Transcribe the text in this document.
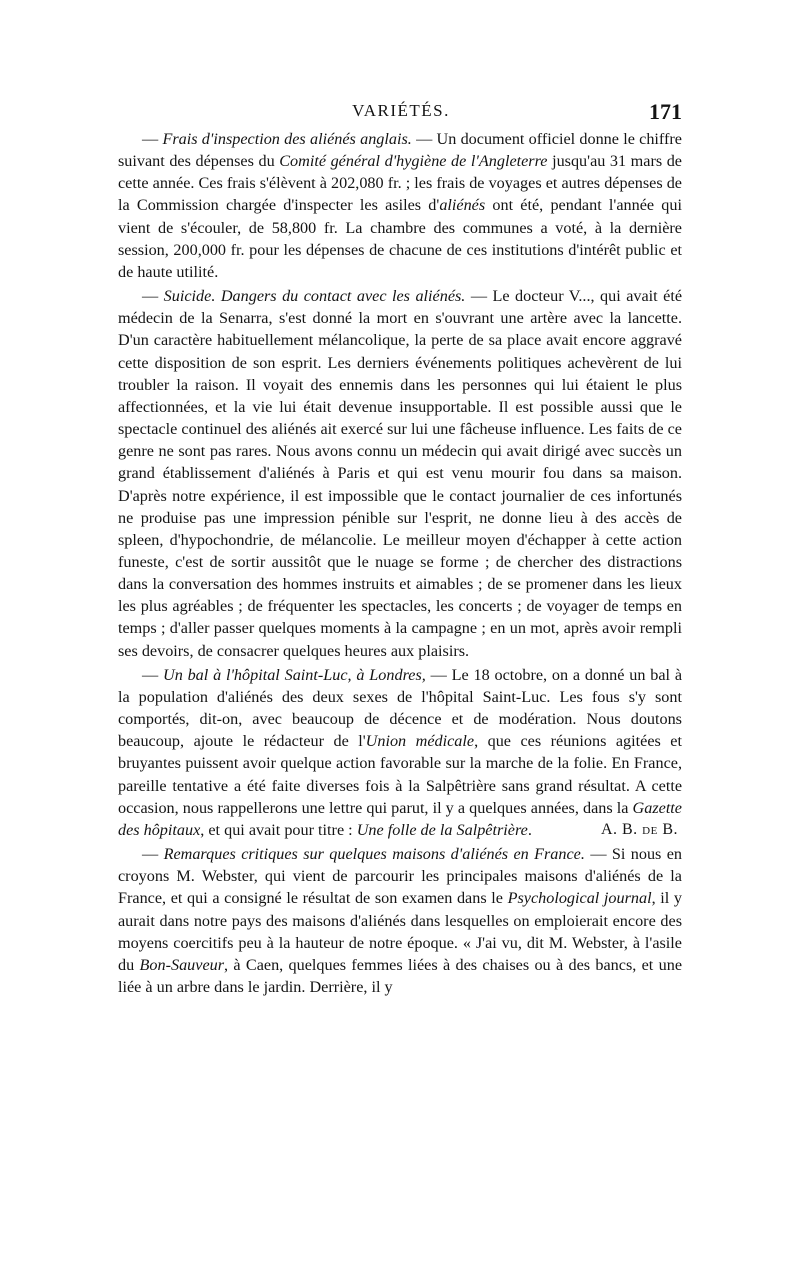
VARIÉTÉS.	171

— Frais d'inspection des aliénés anglais. — Un document officiel donne le chiffre suivant des dépenses du Comité général d'hygiène de l'Angleterre jusqu'au 31 mars de cette année. Ces frais s'élèvent à 202,080 fr. ; les frais de voyages et autres dépenses de la Commission chargée d'inspecter les asiles d'aliénés ont été, pendant l'année qui vient de s'écouler, de 58,800 fr. La chambre des communes a voté, à la dernière session, 200,000 fr. pour les dépenses de chacune de ces institutions d'intérêt public et de haute utilité.

— Suicide. Dangers du contact avec les aliénés. — Le docteur V..., qui avait été médecin de la Senarra, s'est donné la mort en s'ouvrant une artère avec la lancette. D'un caractère habituellement mélancolique, la perte de sa place avait encore aggravé cette disposition de son esprit. Les derniers événements politiques achevèrent de lui troubler la raison. Il voyait des ennemis dans les personnes qui lui étaient le plus affectionnées, et la vie lui était devenue insupportable. Il est possible aussi que le spectacle continuel des aliénés ait exercé sur lui une fâcheuse influence. Les faits de ce genre ne sont pas rares. Nous avons connu un médecin qui avait dirigé avec succès un grand établissement d'aliénés à Paris et qui est venu mourir fou dans sa maison. D'après notre expérience, il est impossible que le contact journalier de ces infortunés ne produise pas une impression pénible sur l'esprit, ne donne lieu à des accès de spleen, d'hypochondrie, de mélancolie. Le meilleur moyen d'échapper à cette action funeste, c'est de sortir aussitôt que le nuage se forme ; de chercher des distractions dans la conversation des hommes instruits et aimables ; de se promener dans les lieux les plus agréables ; de fréquenter les spectacles, les concerts ; de voyager de temps en temps ; d'aller passer quelques moments à la campagne ; en un mot, après avoir rempli ses devoirs, de consacrer quelques heures aux plaisirs.

— Un bal à l'hôpital Saint-Luc, à Londres, — Le 18 octobre, on a donné un bal à la population d'aliénés des deux sexes de l'hôpital Saint-Luc. Les fous s'y sont comportés, dit-on, avec beaucoup de décence et de modération. Nous doutons beaucoup, ajoute le rédacteur de l'Union médicale, que ces réunions agitées et bruyantes puissent avoir quelque action favorable sur la marche de la folie. En France, pareille tentative a été faite diverses fois à la Salpêtrière sans grand résultat. A cette occasion, nous rappellerons une lettre qui parut, il y a quelques années, dans la Gazette des hôpitaux, et qui avait pour titre : Une folle de la Salpêtrière.	A. B. de B.

— Remarques critiques sur quelques maisons d'aliénés en France. — Si nous en croyons M. Webster, qui vient de parcourir les principales maisons d'aliénés de la France, et qui a consigné le résultat de son examen dans le Psychological journal, il y aurait dans notre pays des maisons d'aliénés dans lesquelles on emploierait encore des moyens coercitifs peu à la hauteur de notre époque. « J'ai vu, dit M. Webster, à l'asile du Bon-Sauveur, à Caen, quelques femmes liées à des chaises ou à des bancs, et une liée à un arbre dans le jardin. Derrière, il y
